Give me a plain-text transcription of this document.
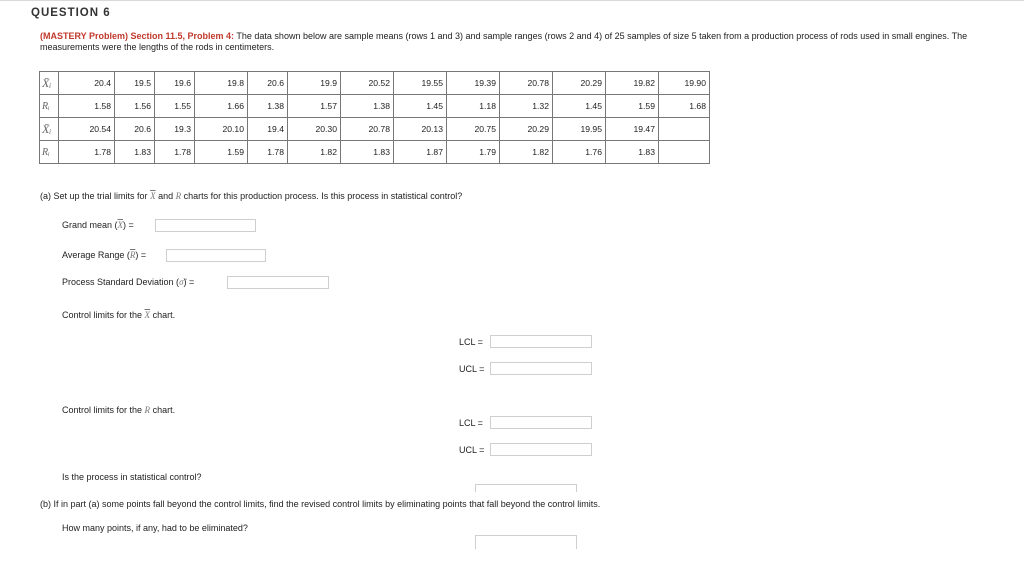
QUESTION 6
(MASTERY Problem) Section 11.5, Problem 4: The data shown below are sample means (rows 1 and 3) and sample ranges (rows 2 and 4) of 25 samples of size 5 taken from a production process of rods used in small engines. The measurements were the lengths of the rods in centimeters.
X̄ᵢ	20.4	19.5	19.6	19.8	20.6	19.9	20.52	19.55	19.39	20.78	20.29	19.82	19.90
Rᵢ	1.58	1.56	1.55	1.66	1.38	1.57	1.38	1.45	1.18	1.32	1.45	1.59	1.68
X̄ᵢ	20.54	20.6	19.3	20.10	19.4	20.30	20.78	20.13	20.75	20.29	19.95	19.47	
Rᵢ	1.78	1.83	1.78	1.59	1.78	1.82	1.83	1.87	1.79	1.82	1.76	1.83	
(a) Set up the trial limits for $\overline{X}$ and R charts for this production process. Is this process in statistical control?
Grand mean $(\overline{X})$ =
Average Range $(\overline{R})$ =
Process Standard Deviation (σ̂) =
Control limits for the $\overline{X}$ chart.
LCL =
UCL =
Control limits for the R chart.
LCL =
UCL =
Is the process in statistical control?
(b) If in part (a) some points fall beyond the control limits, find the revised control limits by eliminating points that fall beyond the control limits.
How many points, if any, had to be eliminated?
